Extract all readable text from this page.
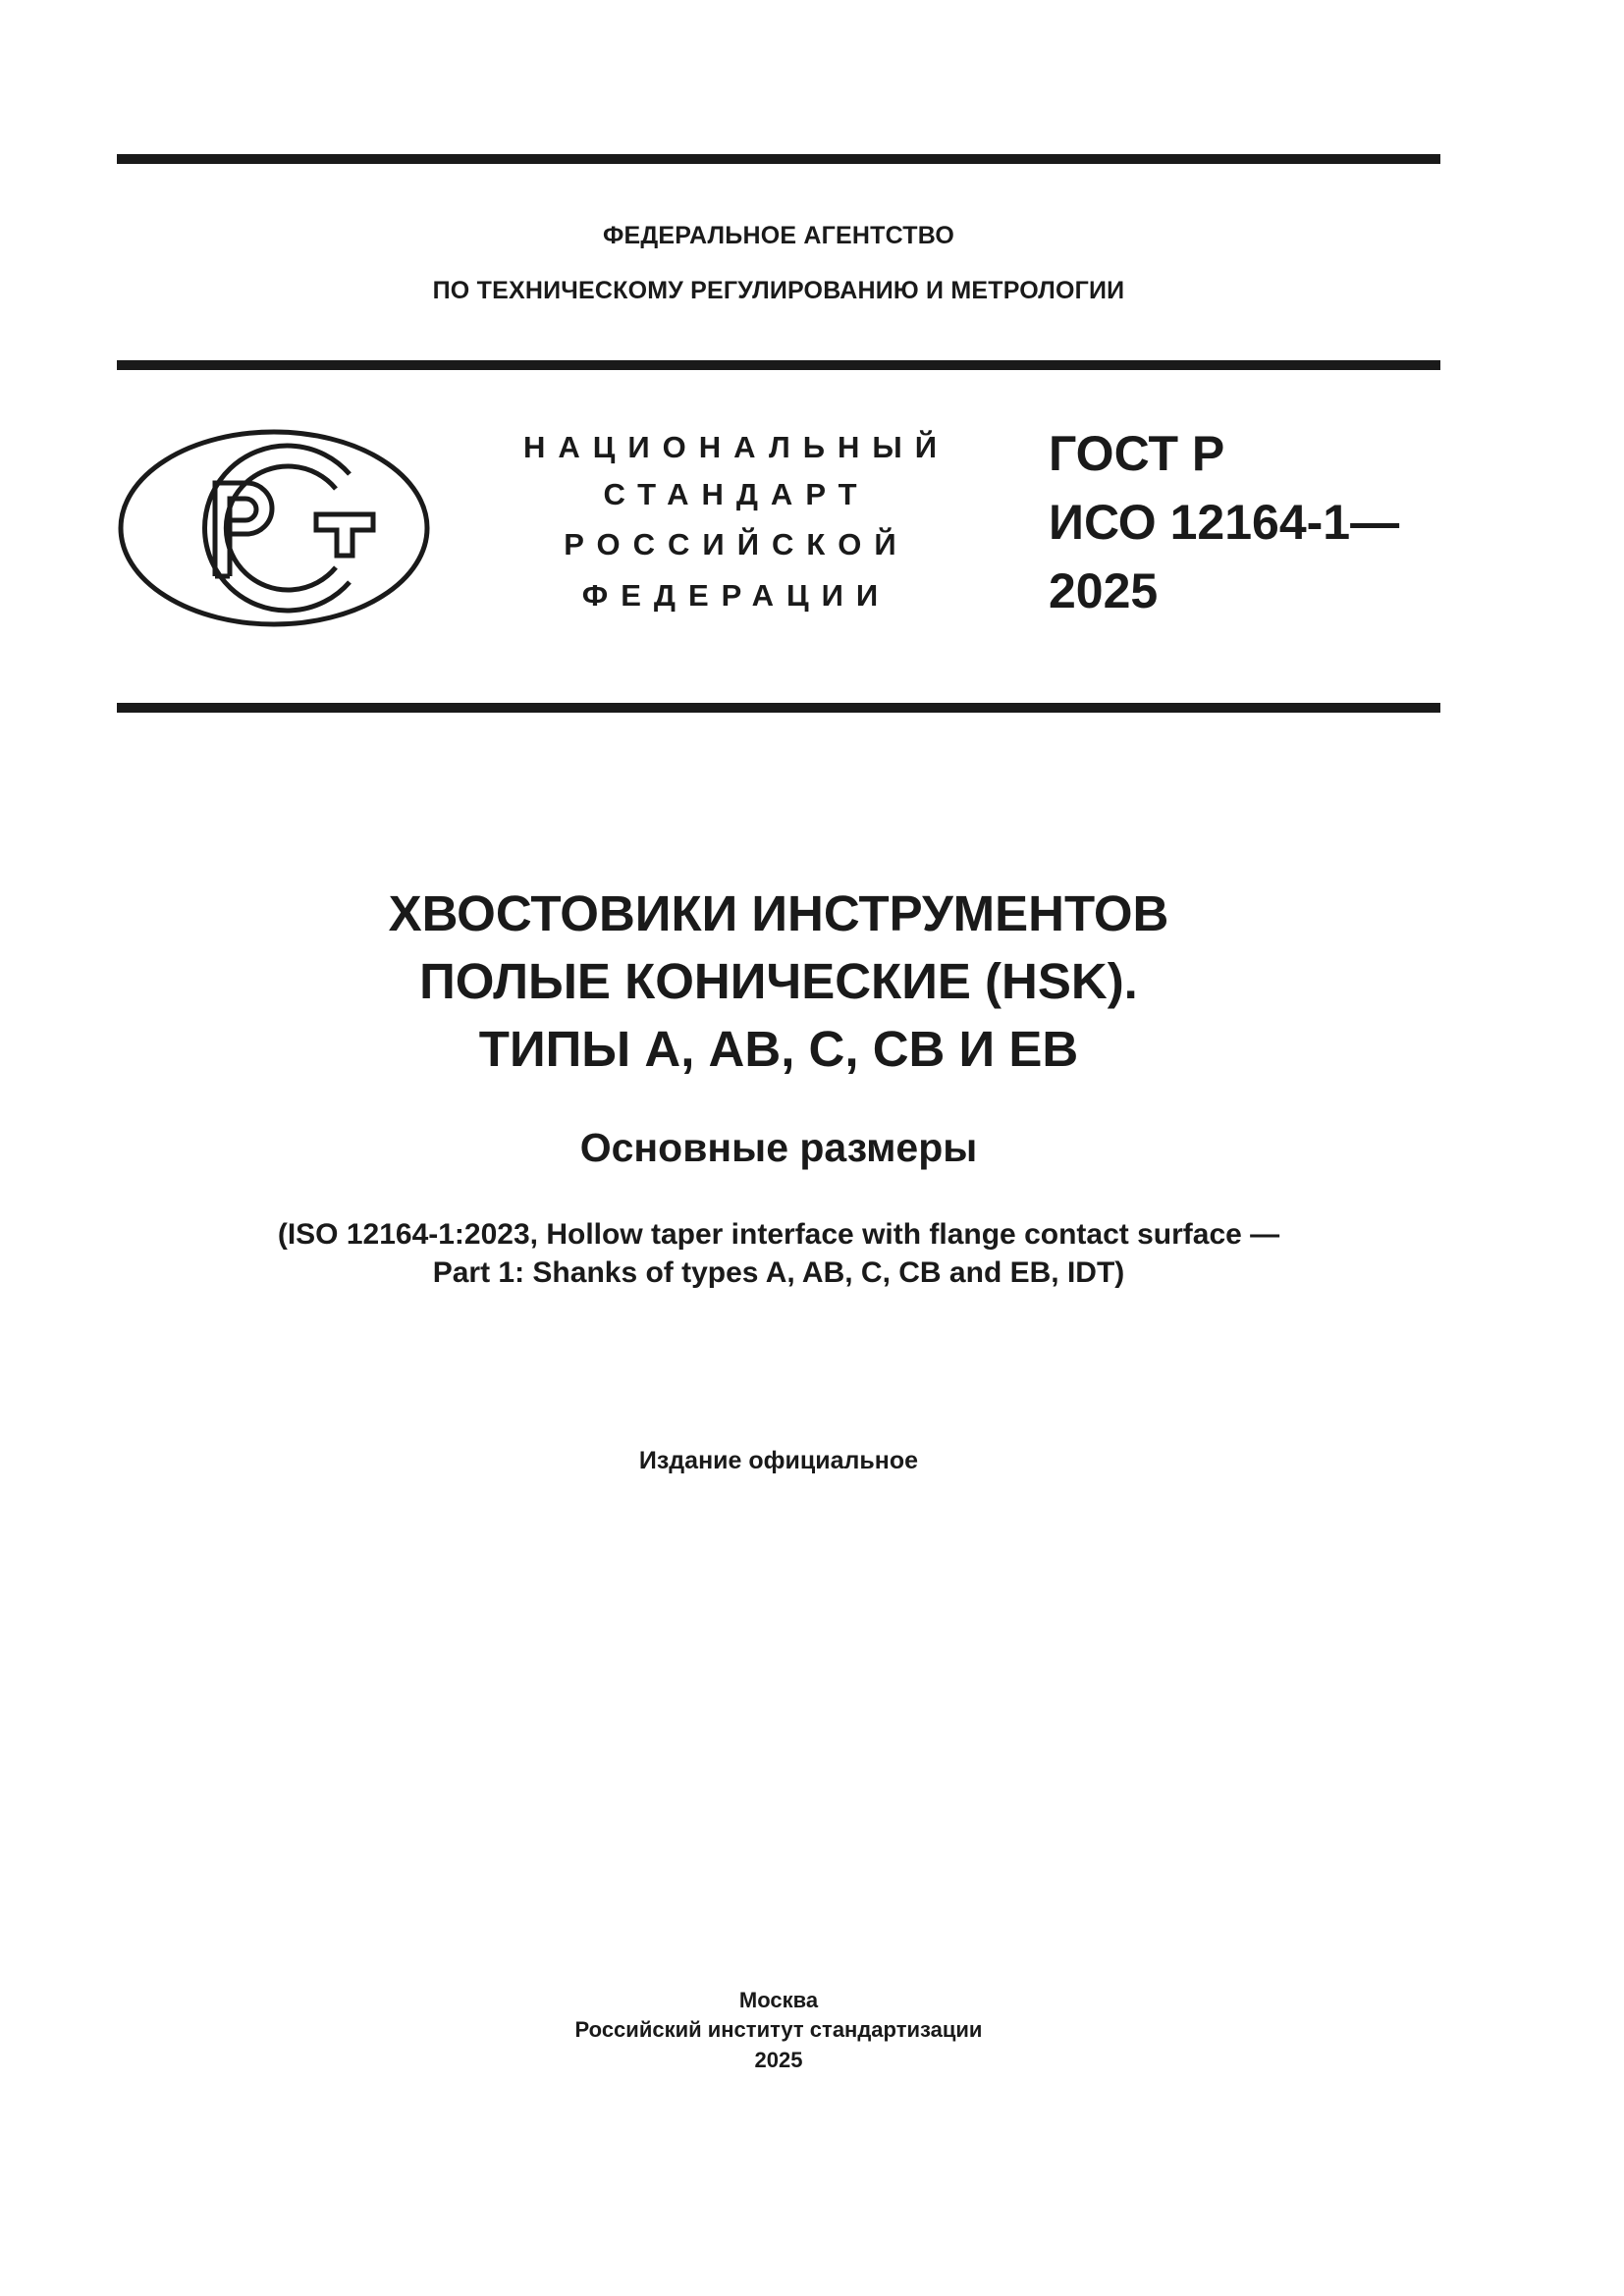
ФЕДЕРАЛЬНОЕ АГЕНТСТВО
ПО ТЕХНИЧЕСКОМУ РЕГУЛИРОВАНИЮ И МЕТРОЛОГИИ
НАЦИОНАЛЬНЫЙ
СТАНДАРТ
РОССИЙСКОЙ
ФЕДЕРАЦИИ
ГОСТ Р
ИСО 12164-1—
2025
ХВОСТОВИКИ ИНСТРУМЕНТОВ
ПОЛЫЕ КОНИЧЕСКИЕ (HSK).
ТИПЫ А, АВ, С, СВ И ЕВ
Основные размеры
(ISO 12164-1:2023, Hollow taper interface with flange contact surface —
Part 1: Shanks of types A, AB, C, CB and EB, IDT)
Издание официальное
Москва
Российский институт стандартизации
2025
